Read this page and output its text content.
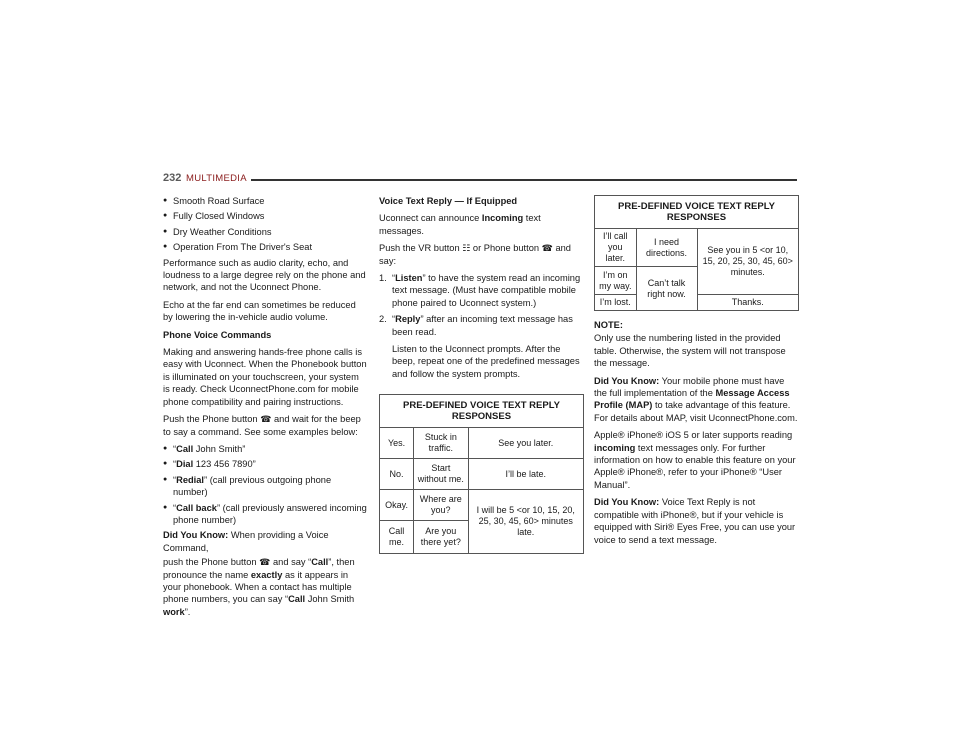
232 MULTIMEDIA
● Smooth Road Surface
● Fully Closed Windows
● Dry Weather Conditions
● Operation From The Driver's Seat

Performance such as audio clarity, echo, and loudness to a large degree rely on the phone and network, and not the Uconnect Phone.

Echo at the far end can sometimes be reduced by lowering the in-vehicle audio volume.

Phone Voice Commands

Making and answering hands-free phone calls is easy with Uconnect. When the Phonebook button is illuminated on your touchscreen, your system is ready. Check UconnectPhone.com for mobile phone compatibility and pairing instructions.

Push the Phone button ☎ and wait for the beep to say a command. See some examples below:

● “Call John Smith”
● “Dial 123 456 7890”
● “Redial” (call previous outgoing phone number)
● “Call back” (call previously answered incoming phone number)

Did You Know: When providing a Voice Command,

push the Phone button ☎ and say “Call”, then pronounce the name exactly as it appears in your phonebook. When a contact has multiple phone numbers, you can say “Call John Smith work”.

Voice Text Reply — If Equipped

Uconnect can announce Incoming text messages.

Push the VR button ☷ or Phone button ☎ and say:

1. “Listen” to have the system read an incoming text message. (Must have compatible mobile phone paired to Uconnect system.)
2. “Reply” after an incoming text message has been read.

Listen to the Uconnect prompts. After the beep, repeat one of the predefined messages and follow the system prompts.

PRE-DEFINED VOICE TEXT REPLY RESPONSES		
Yes.	Stuck in traffic.	See you later.
No.	Start without me.	I’ll be late.
Okay.	Where are you?	I will be 5 <or 10, 15, 20, 25, 30, 45, 60> minutes late.
Call me.	Are you there yet?	
PRE-DEFINED VOICE TEXT REPLY RESPONSES		
I’ll call you later.	I need directions.	See you in 5 <or 10, 15, 20, 25, 30, 45, 60> minutes.
I’m on my way.	Can’t talk right now.	
I’m lost.		Thanks.

NOTE:

Only use the numbering listed in the provided table. Otherwise, the system will not transpose the message.

Did You Know: Your mobile phone must have the full implementation of the Message Access Profile (MAP) to take advantage of this feature. For details about MAP, visit UconnectPhone.com.

Apple® iPhone® iOS 5 or later supports reading incoming text messages only. For further information on how to enable this feature on your Apple® iPhone®, refer to your iPhone® “User Manual”.

Did You Know: Voice Text Reply is not compatible with iPhone®, but if your vehicle is equipped with Siri® Eyes Free, you can use your voice to send a text message.
